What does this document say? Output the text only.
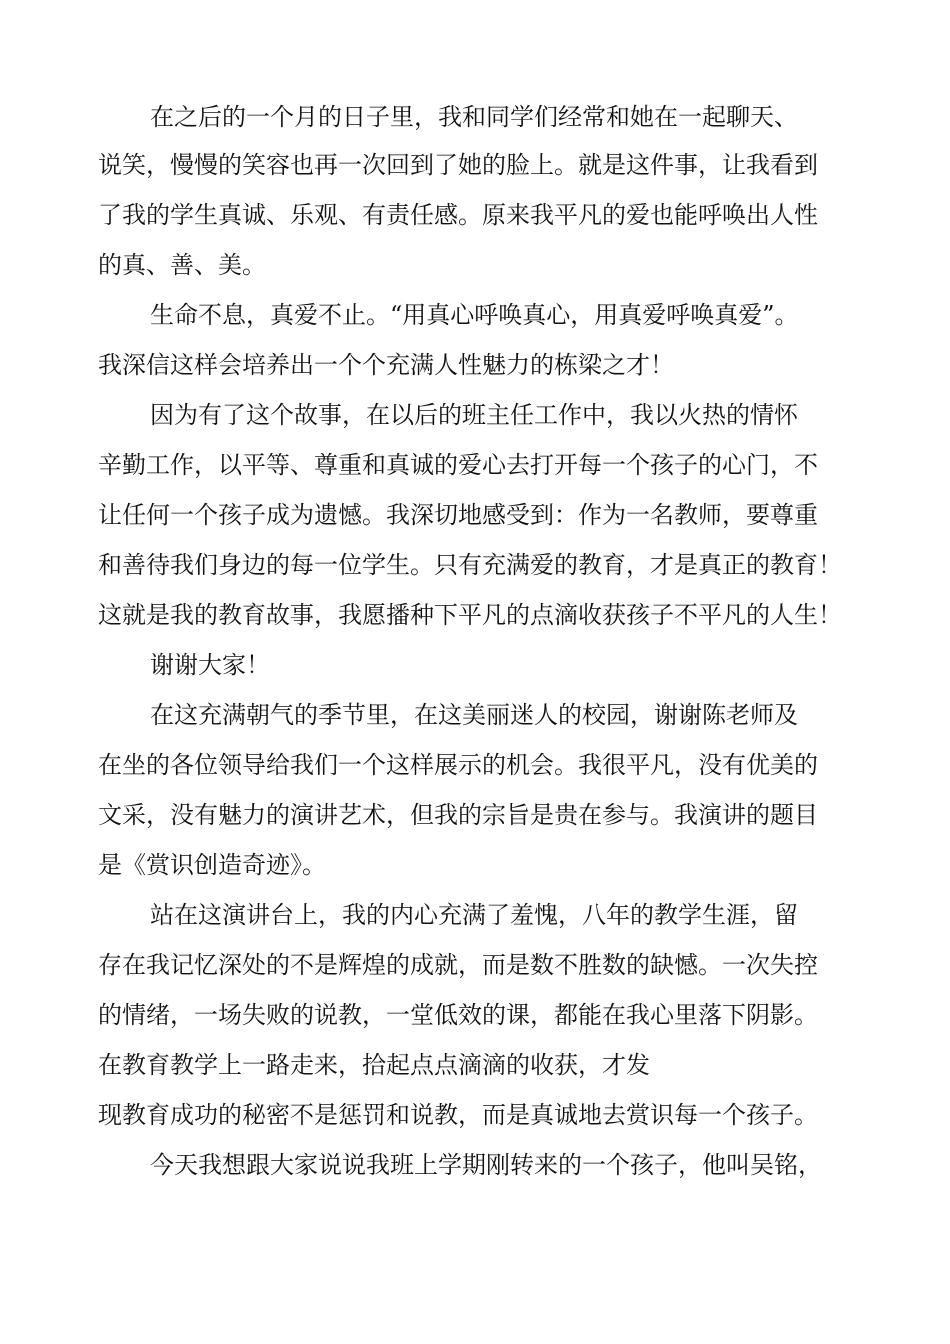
在之后的一个月的日子里，我和同学们经常和她在一起聊天、
说笑，慢慢的笑容也再一次回到了她的脸上。就是这件事，让我看到
了我的学生真诚、乐观、有责任感。原来我平凡的爱也能呼唤出人性
的真、善、美。
生命不息，真爱不止。“用真心呼唤真心，用真爱呼唤真爱”。
我深信这样会培养出一个个充满人性魅力的栋梁之才！
因为有了这个故事，在以后的班主任工作中，我以火热的情怀
辛勤工作，以平等、尊重和真诚的爱心去打开每一个孩子的心门，不
让任何一个孩子成为遗憾。我深切地感受到：作为一名教师，要尊重
和善待我们身边的每一位学生。只有充满爱的教育，才是真正的教育！
这就是我的教育故事，我愿播种下平凡的点滴收获孩子不平凡的人生！
谢谢大家！
在这充满朝气的季节里，在这美丽迷人的校园，谢谢陈老师及
在坐的各位领导给我们一个这样展示的机会。我很平凡，没有优美的
文采，没有魅力的演讲艺术，但我的宗旨是贵在参与。我演讲的题目
是《赏识创造奇迹》。
站在这演讲台上，我的内心充满了羞愧，八年的教学生涯，留
存在我记忆深处的不是辉煌的成就，而是数不胜数的缺憾。一次失控
的情绪，一场失败的说教，一堂低效的课，都能在我心里落下阴影。
在教育教学上一路走来，拾起点点滴滴的收获，才发
现教育成功的秘密不是惩罚和说教，而是真诚地去赏识每一个孩子。
今天我想跟大家说说我班上学期刚转来的一个孩子，他叫吴铭，
